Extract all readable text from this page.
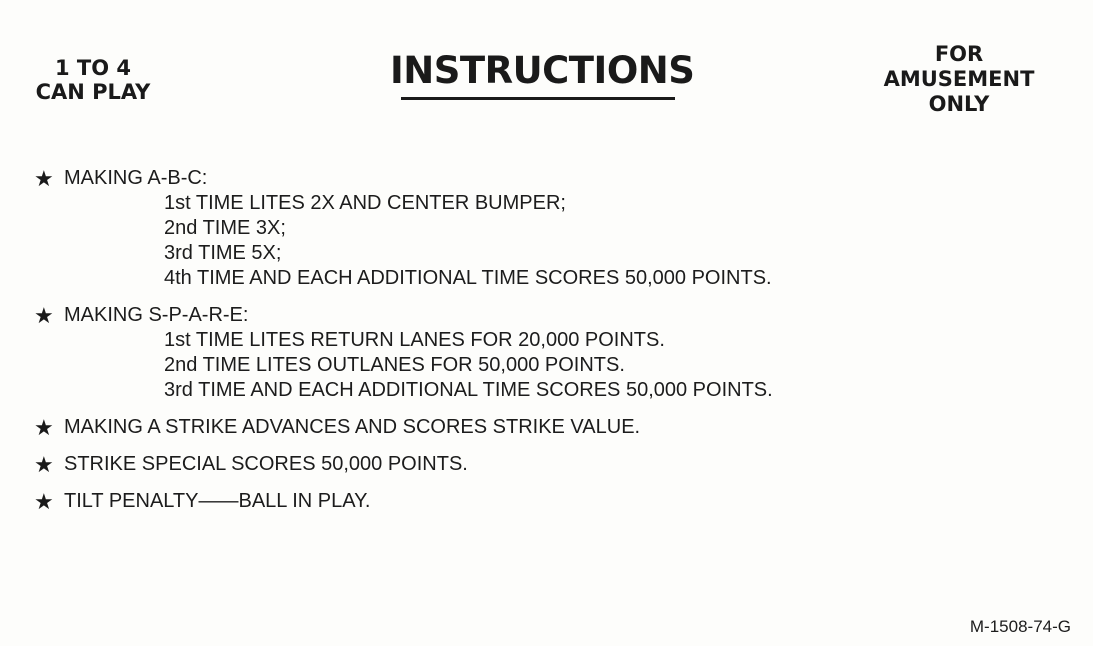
1 TO 4
CAN PLAY	INSTRUCTIONS	FOR
AMUSEMENT
ONLY
★ MAKING A-B-C:
1st TIME LITES 2X AND CENTER BUMPER;
2nd TIME 3X;
3rd TIME 5X;
4th TIME AND EACH ADDITIONAL TIME SCORES 50,000 POINTS.
★ MAKING S-P-A-R-E:
1st TIME LITES RETURN LANES FOR 20,000 POINTS.
2nd TIME LITES OUTLANES FOR 50,000 POINTS.
3rd TIME AND EACH ADDITIONAL TIME SCORES 50,000 POINTS.
★ MAKING A STRIKE ADVANCES AND SCORES STRIKE VALUE.
★ STRIKE SPECIAL SCORES 50,000 POINTS.
★ TILT PENALTY——BALL IN PLAY.
M-1508-74-G
